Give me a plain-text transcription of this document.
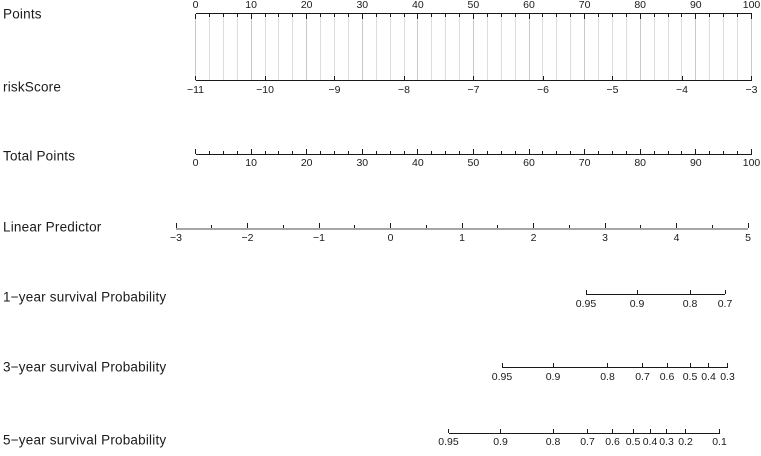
0	10	20	30	40	50	60	70	80	90	100
−11	−10	−9	−8	−7	−6	−5	−4	−3
0	10	20	30	40	50	60	70	80	90	100
−3	−2	−1	0	1	2	3	4	5
0.95	0.9	0.8 0.7
0.95	0.9	0.8 0.7 0.6 0.5 0.4 0.3
0.95	0.9	0.8 0.7 0.6 0.5 0.4 0.3 0.2 0.1
Points
riskScore
Total Points
Linear Predictor
1−year survival Probability
3−year survival Probability
5−year survival Probability
